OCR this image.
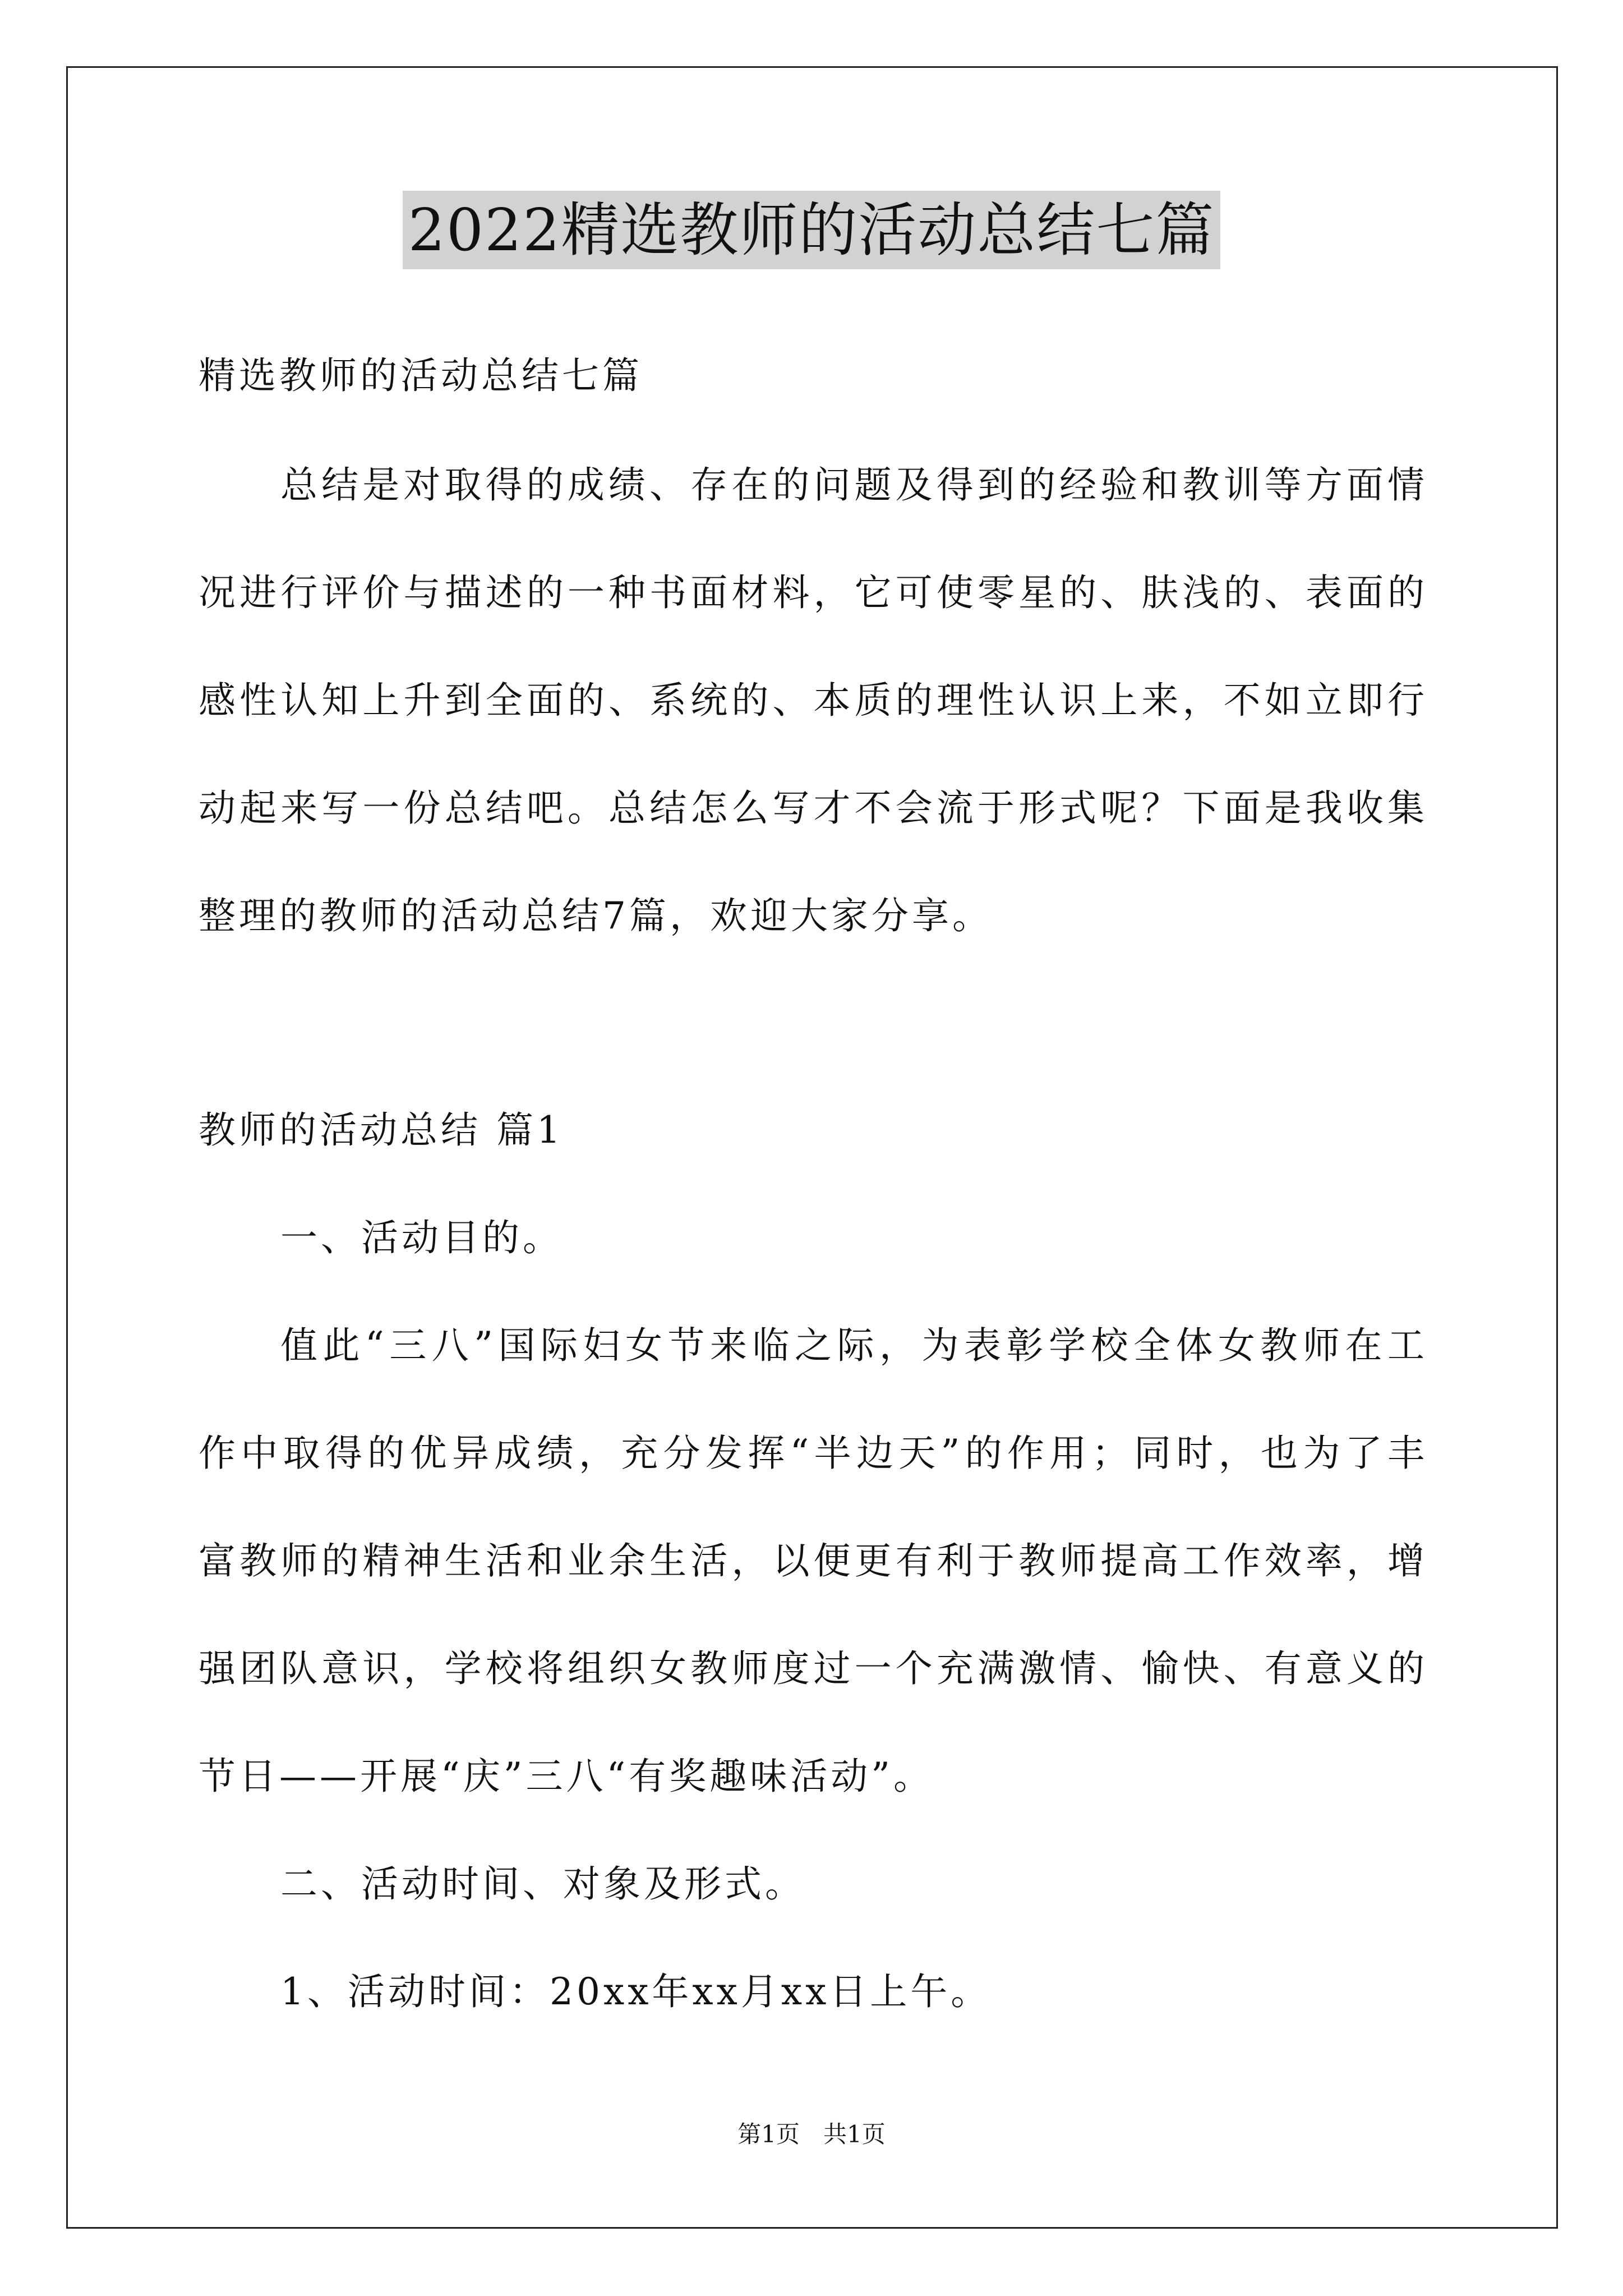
2022精选教师的活动总结七篇
精选教师的活动总结七篇
总结是对取得的成绩、存在的问题及得到的经验和教训等方面情
况进行评价与描述的一种书面材料，它可使零星的、肤浅的、表面的
感性认知上升到全面的、系统的、本质的理性认识上来，不如立即行
动起来写一份总结吧。总结怎么写才不会流于形式呢？下面是我收集
整理的教师的活动总结7篇，欢迎大家分享。
教师的活动总结 篇1
一、活动目的。
值此“三八”国际妇女节来临之际，为表彰学校全体女教师在工
作中取得的优异成绩，充分发挥“半边天”的作用；同时，也为了丰
富教师的精神生活和业余生活，以便更有利于教师提高工作效率，增
强团队意识，学校将组织女教师度过一个充满激情、愉快、有意义的
节日——开展“庆”三八“有奖趣味活动”。
二、活动时间、对象及形式。
1、活动时间：20xx年xx月xx日上午。
第1页　共1页
